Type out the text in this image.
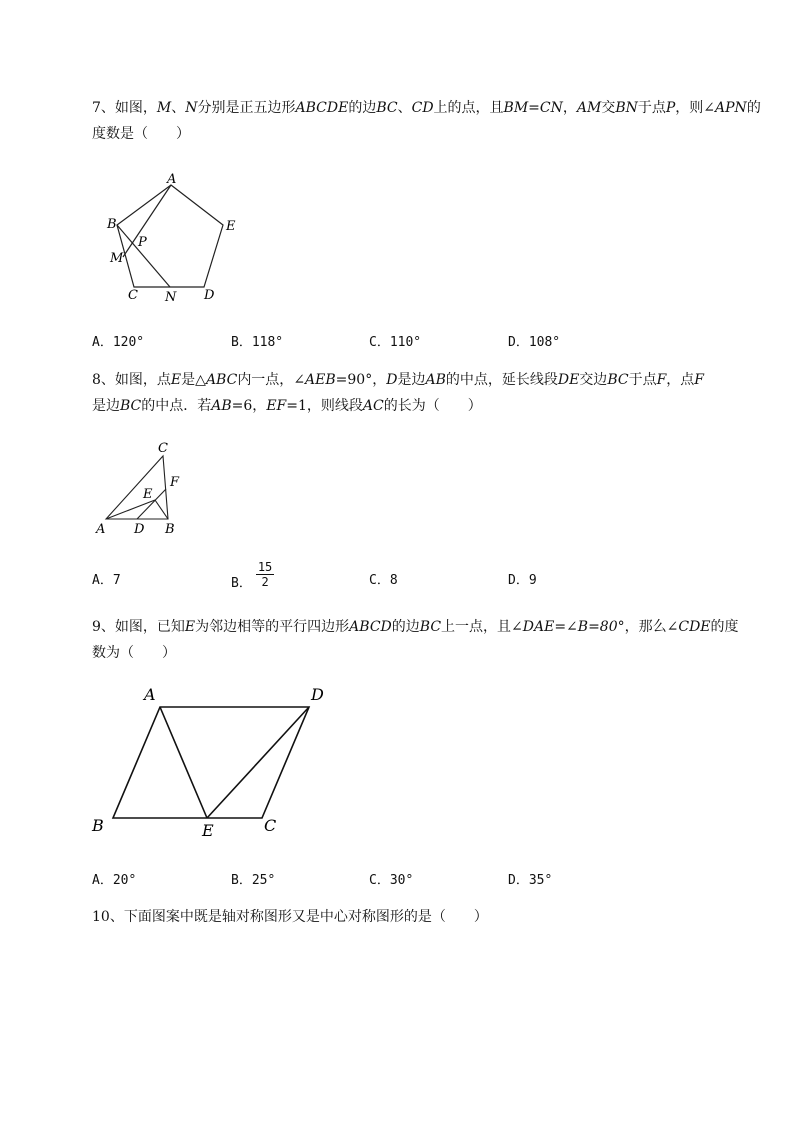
7、如图，M、N分别是正五边形ABCDE的边BC、CD上的点，且BM=CN，AM交BN于点P，则∠APN的
度数是（　　）
A
B	E
P
M
C N D
A．120°	B．118°	C．110°	D．108°
8、如图，点E是△ABC内一点，∠AEB=90°，D是边AB的中点，延长线段DE交边BC于点F，点F
是边BC的中点．若AB=6，EF=1，则线段AC的长为（　　）
C
F
E
A D B
A．7	B． $\frac{15}{2}$	C．8	D．9
9、如图，已知E为邻边相等的平行四边形ABCD的边BC上一点，且∠DAE=∠B=80°，那么∠CDE的度
数为（　　）
A	D
B	E	C
A．20°	B．25°	C．30°	D．35°
10、下面图案中既是轴对称图形又是中心对称图形的是（　　）
